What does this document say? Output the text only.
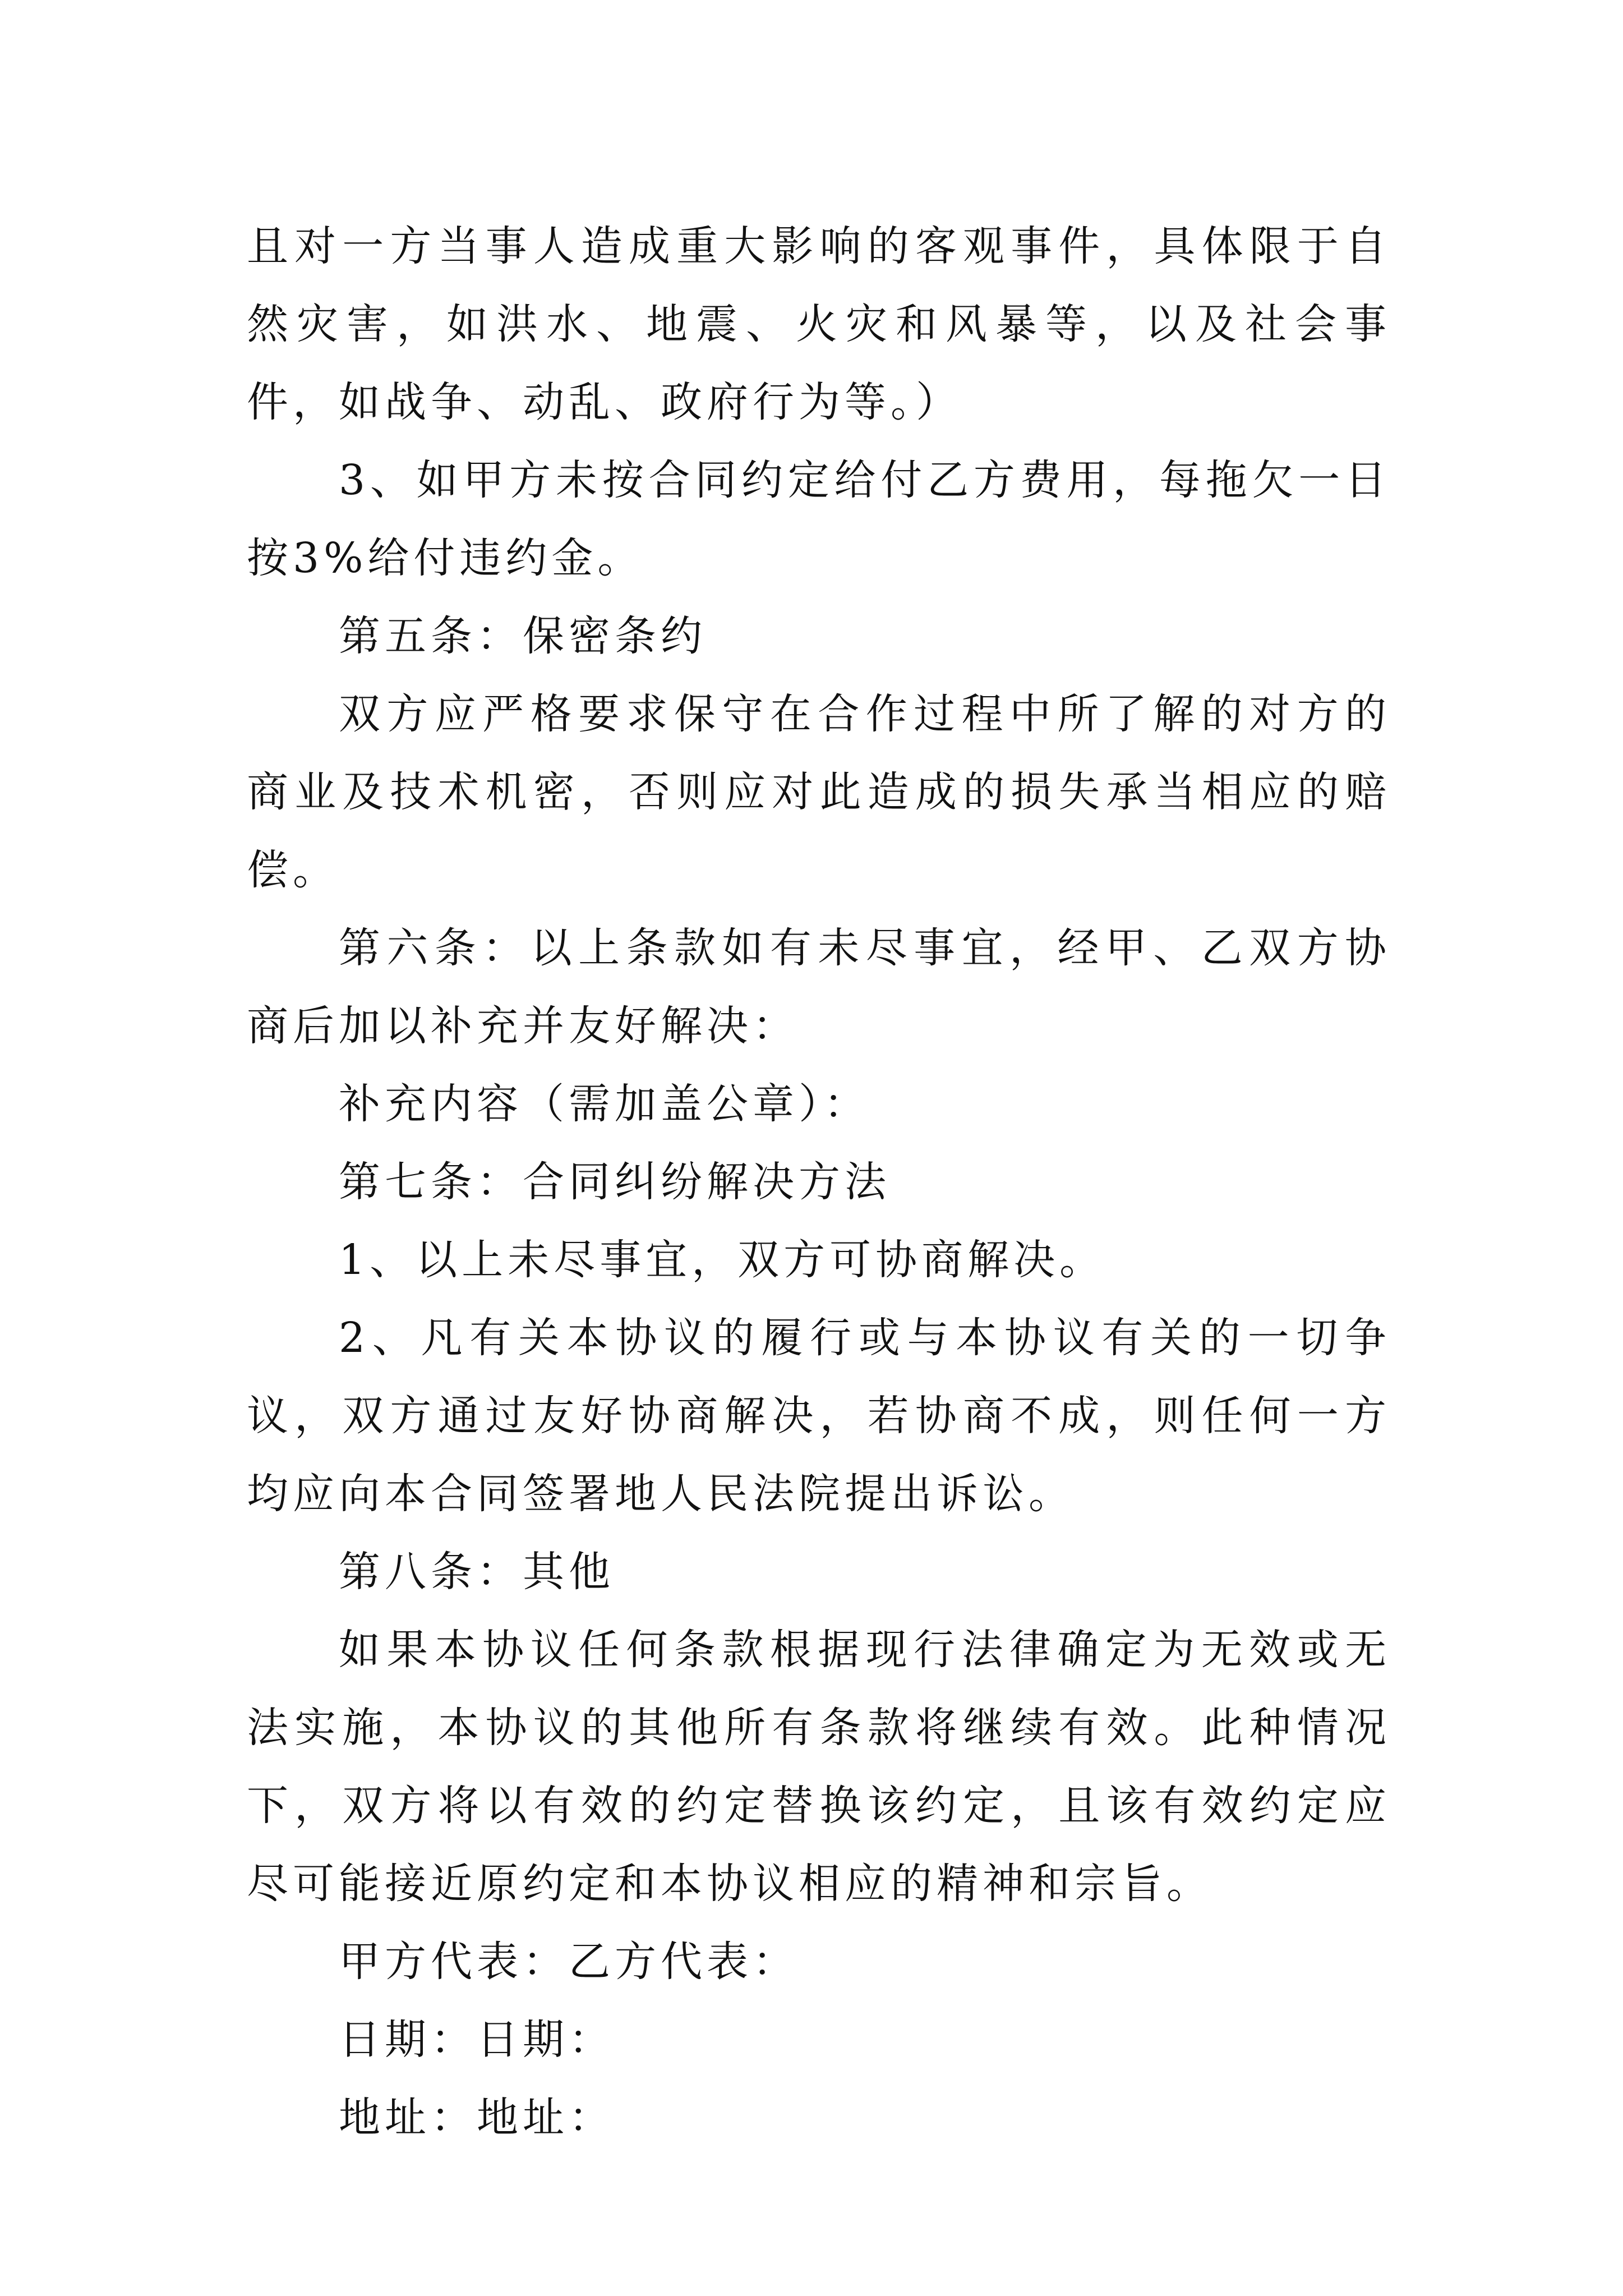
且对一方当事人造成重大影响的客观事件，具体限于自然灾害，如洪水、地震、火灾和风暴等，以及社会事件，如战争、动乱、政府行为等。）

3、如甲方未按合同约定给付乙方费用，每拖欠一日按3%给付违约金。

第五条：保密条约

双方应严格要求保守在合作过程中所了解的对方的商业及技术机密，否则应对此造成的损失承当相应的赔偿。

第六条：以上条款如有未尽事宜，经甲、乙双方协商后加以补充并友好解决：

补充内容（需加盖公章）：

第七条：合同纠纷解决方法

1、以上未尽事宜，双方可协商解决。

2、凡有关本协议的履行或与本协议有关的一切争议，双方通过友好协商解决，若协商不成，则任何一方均应向本合同签署地人民法院提出诉讼。

第八条：其他

如果本协议任何条款根据现行法律确定为无效或无法实施，本协议的其他所有条款将继续有效。此种情况下，双方将以有效的约定替换该约定，且该有效约定应尽可能接近原约定和本协议相应的精神和宗旨。

甲方代表：乙方代表：

日期：日期：

地址：地址：
